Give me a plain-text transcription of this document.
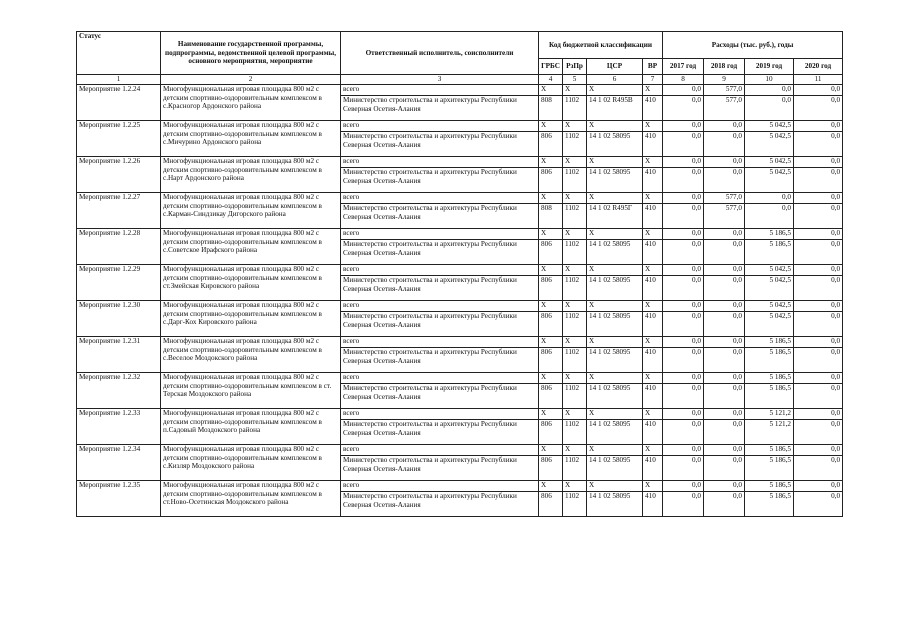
Статус	Наименование государственной программы, подпрограммы, ведомственной целевой программы, основного мероприятия, мероприятие	Ответственный исполнитель, соисполнители	Код бюджетной классификации				Расходы (тыс. руб.), годы			
			ГРБС	РзПр	ЦСР	ВР	2017 год	2018 год	2019 год	2020 год
1	2	3	4	5	6	7	8	9	10	11
Мероприятие 1.2.24	Многофункциональная игровая площадка 800 м2 с детским спортивно-оздоровительным комплексом в с.Красногор Ардонского района	всего	X	X	X	X	0,0	577,0	0,0	0,0
		Министерство строительства и архитектуры Республики Северная Осетия-Алания	808	1102	14 1 02 R495B	410	0,0	577,0	0,0	0,0
Мероприятие 1.2.25	Многофункциональная игровая площадка 800 м2 с детским спортивно-оздоровительным комплексом в с.Мичурино Ардонского района	всего	X	X	X	X	0,0	0,0	5 042,5	0,0
		Министерство строительства и архитектуры Республики Северная Осетия-Алания	806	1102	14 1 02 58095	410	0,0	0,0	5 042,5	0,0
Мероприятие 1.2.26	Многофункциональная игровая площадка 800 м2 с детским спортивно-оздоровительным комплексом в с.Нарт Ардонского района	всего	X	X	X	X	0,0	0,0	5 042,5	0,0
		Министерство строительства и архитектуры Республики Северная Осетия-Алания	806	1102	14 1 02 58095	410	0,0	0,0	5 042,5	0,0
Мероприятие 1.2.27	Многофункциональная игровая площадка 800 м2 с детским спортивно-оздоровительным комплексом в с.Карман-Синдзикау Дигорского района	всего	X	X	X	X	0,0	577,0	0,0	0,0
		Министерство строительства и архитектуры Республики Северная Осетия-Алания	808	1102	14 1 02 R495Г	410	0,0	577,0	0,0	0,0
Мероприятие 1.2.28	Многофункциональная игровая площадка 800 м2 с детским спортивно-оздоровительным комплексом в с.Советское Ирафского района	всего	X	X	X	X	0,0	0,0	5 186,5	0,0
		Министерство строительства и архитектуры Республики Северная Осетия-Алания	806	1102	14 1 02 58095	410	0,0	0,0	5 186,5	0,0
Мероприятие 1.2.29	Многофункциональная игровая площадка 800 м2 с детским спортивно-оздоровительным комплексом в ст.Змейская Кировского района	всего	X	X	X	X	0,0	0,0	5 042,5	0,0
		Министерство строительства и архитектуры Республики Северная Осетия-Алания	806	1102	14 1 02 58095	410	0,0	0,0	5 042,5	0,0
Мероприятие 1.2.30	Многофункциональная игровая площадка 800 м2 с детским спортивно-оздоровительным комплексом в с.Дарг-Кох Кировского района	всего	X	X	X	X	0,0	0,0	5 042,5	0,0
		Министерство строительства и архитектуры Республики Северная Осетия-Алания	806	1102	14 1 02 58095	410	0,0	0,0	5 042,5	0,0
Мероприятие 1.2.31	Многофункциональная игровая площадка 800 м2 с детским спортивно-оздоровительным комплексом в с.Веселое Моздокского района	всего	X	X	X	X	0,0	0,0	5 186,5	0,0
		Министерство строительства и архитектуры Республики Северная Осетия-Алания	806	1102	14 1 02 58095	410	0,0	0,0	5 186,5	0,0
Мероприятие 1.2.32	Многофункциональная игровая площадка 800 м2 с детским спортивно-оздоровительным комплексом в ст. Терская Моздокского района	всего	X	X	X	X	0,0	0,0	5 186,5	0,0
		Министерство строительства и архитектуры Республики Северная Осетия-Алания	806	1102	14 1 02 58095	410	0,0	0,0	5 186,5	0,0
Мероприятие 1.2.33	Многофункциональная игровая площадка 800 м2 с детским спортивно-оздоровительным комплексом в п.Садовый Моздокского района	всего	X	X	X	X	0,0	0,0	5 121,2	0,0
		Министерство строительства и архитектуры Республики Северная Осетия-Алания	806	1102	14 1 02 58095	410	0,0	0,0	5 121,2	0,0
Мероприятие 1.2.34	Многофункциональная игровая площадка 800 м2 с детским спортивно-оздоровительным комплексом в с.Кизляр Моздокского района	всего	X	X	X	X	0,0	0,0	5 186,5	0,0
		Министерство строительства и архитектуры Республики Северная Осетия-Алания	806	1102	14 1 02 58095	410	0,0	0,0	5 186,5	0,0
Мероприятие 1.2.35	Многофункциональная игровая площадка 800 м2 с детским спортивно-оздоровительным комплексом в ст.Ново-Осетинская Моздокского района	всего	X	X	X	X	0,0	0,0	5 186,5	0,0
		Министерство строительства и архитектуры Республики Северная Осетия-Алания	806	1102	14 1 02 58095	410	0,0	0,0	5 186,5	0,0
